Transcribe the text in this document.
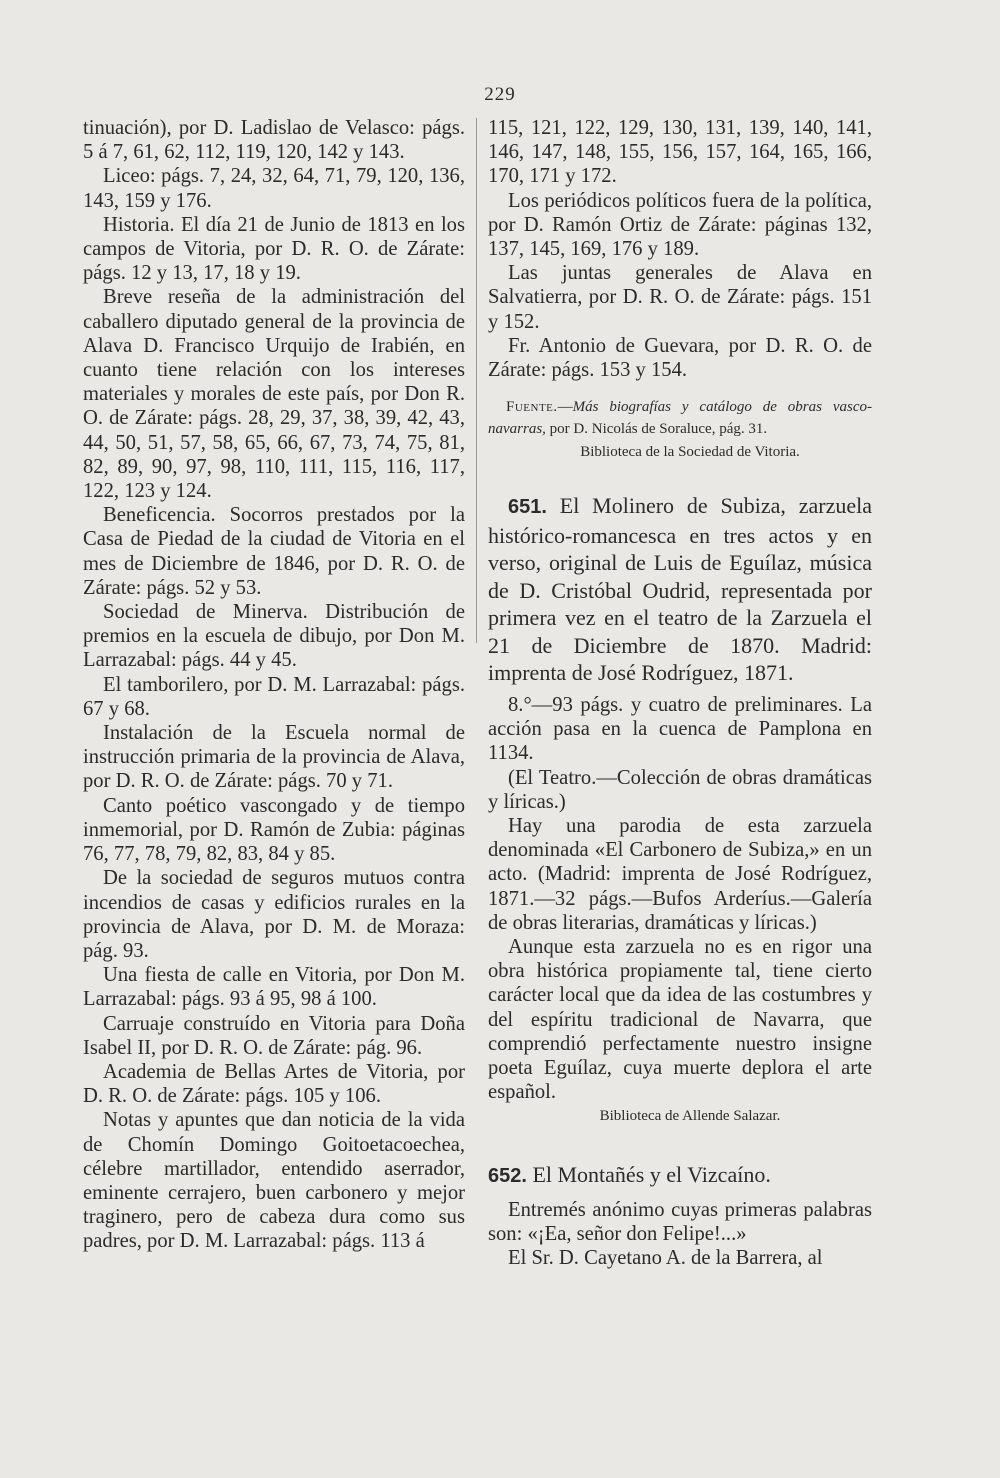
229

tinuación), por D. Ladislao de Velasco: págs. 5 á 7, 61, 62, 112, 119, 120, 142 y 143.

Liceo: págs. 7, 24, 32, 64, 71, 79, 120, 136, 143, 159 y 176.

Historia. El día 21 de Junio de 1813 en los campos de Vitoria, por D. R. O. de Zárate: págs. 12 y 13, 17, 18 y 19.

Breve reseña de la administración del caballero diputado general de la provincia de Alava D. Francisco Urquijo de Irabién, en cuanto tiene relación con los intereses materiales y morales de este país, por Don R. O. de Zárate: págs. 28, 29, 37, 38, 39, 42, 43, 44, 50, 51, 57, 58, 65, 66, 67, 73, 74, 75, 81, 82, 89, 90, 97, 98, 110, 111, 115, 116, 117, 122, 123 y 124.

Beneficencia. Socorros prestados por la Casa de Piedad de la ciudad de Vitoria en el mes de Diciembre de 1846, por D. R. O. de Zárate: págs. 52 y 53.

Sociedad de Minerva. Distribución de premios en la escuela de dibujo, por Don M. Larrazabal: págs. 44 y 45.

El tamborilero, por D. M. Larrazabal: págs. 67 y 68.

Instalación de la Escuela normal de instrucción primaria de la provincia de Alava, por D. R. O. de Zárate: págs. 70 y 71.

Canto poético vascongado y de tiempo inmemorial, por D. Ramón de Zubia: páginas 76, 77, 78, 79, 82, 83, 84 y 85.

De la sociedad de seguros mutuos contra incendios de casas y edificios rurales en la provincia de Alava, por D. M. de Moraza: pág. 93.

Una fiesta de calle en Vitoria, por Don M. Larrazabal: págs. 93 á 95, 98 á 100.

Carruaje construído en Vitoria para Doña Isabel II, por D. R. O. de Zárate: pág. 96.

Academia de Bellas Artes de Vitoria, por D. R. O. de Zárate: págs. 105 y 106.

Notas y apuntes que dan noticia de la vida de Chomín Domingo Goitoetacoechea, célebre martillador, entendido aserrador, eminente cerrajero, buen carbonero y mejor traginero, pero de cabeza dura como sus padres, por D. M. Larrazabal: págs. 113 á

115, 121, 122, 129, 130, 131, 139, 140, 141, 146, 147, 148, 155, 156, 157, 164, 165, 166, 170, 171 y 172.

Los periódicos políticos fuera de la política, por D. Ramón Ortiz de Zárate: páginas 132, 137, 145, 169, 176 y 189.

Las juntas generales de Alava en Salvatierra, por D. R. O. de Zárate: págs. 151 y 152.

Fr. Antonio de Guevara, por D. R. O. de Zárate: págs. 153 y 154.

Fuente.—Más biografías y catálogo de obras vasco-navarras, por D. Nicolás de Soraluce, pág. 31.

Biblioteca de la Sociedad de Vitoria.

651. El Molinero de Subiza, zarzuela histórico-romancesca en tres actos y en verso, original de Luis de Eguílaz, música de D. Cristóbal Oudrid, representada por primera vez en el teatro de la Zarzuela el 21 de Diciembre de 1870. Madrid: imprenta de José Rodríguez, 1871.

8.°—93 págs. y cuatro de preliminares. La acción pasa en la cuenca de Pamplona en 1134.

(El Teatro.—Colección de obras dramáticas y líricas.)

Hay una parodia de esta zarzuela denominada «El Carbonero de Subiza,» en un acto. (Madrid: imprenta de José Rodríguez, 1871.—32 págs.—Bufos Arderíus.—Galería de obras literarias, dramáticas y líricas.)

Aunque esta zarzuela no es en rigor una obra histórica propiamente tal, tiene cierto carácter local que da idea de las costumbres y del espíritu tradicional de Navarra, que comprendió perfectamente nuestro insigne poeta Eguílaz, cuya muerte deplora el arte español.

Biblioteca de Allende Salazar.

652. El Montañés y el Vizcaíno.

Entremés anónimo cuyas primeras palabras son: «¡Ea, señor don Felipe!...»

El Sr. D. Cayetano A. de la Barrera, al
